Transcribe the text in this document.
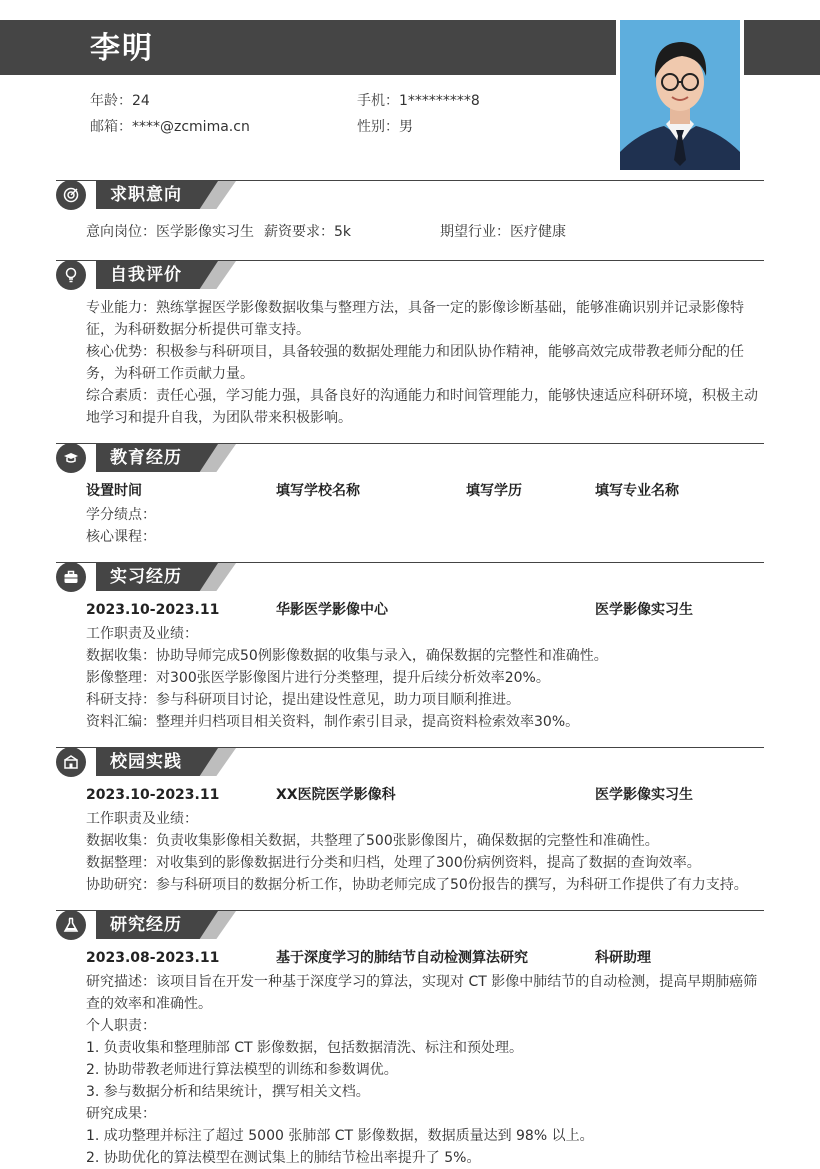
李明
年龄：24	手机：1*********8
邮箱：****@zcmima.cn	性别：男
求职意向
意向岗位：医学影像实习生 薪资要求：5k	期望行业：医疗健康
自我评价
专业能力：熟练掌握医学影像数据收集与整理方法，具备一定的影像诊断基础，能够准确识别并记录影像特征，为科研数据分析提供可靠支持。
核心优势：积极参与科研项目，具备较强的数据处理能力和团队协作精神，能够高效完成带教老师分配的任务，为科研工作贡献力量。
综合素质：责任心强，学习能力强，具备良好的沟通能力和时间管理能力，能够快速适应科研环境，积极主动地学习和提升自我，为团队带来积极影响。
教育经历
设置时间	填写学校名称	填写学历	填写专业名称
学分绩点：
核心课程：
实习经历
2023.10-2023.11	华影医学影像中心	医学影像实习生
工作职责及业绩：
数据收集：协助导师完成50例影像数据的收集与录入，确保数据的完整性和准确性。
影像整理：对300张医学影像图片进行分类整理，提升后续分析效率20%。
科研支持：参与科研项目讨论，提出建设性意见，助力项目顺利推进。
资料汇编：整理并归档项目相关资料，制作索引目录，提高资料检索效率30%。
校园实践
2023.10-2023.11	XX医院医学影像科	医学影像实习生
工作职责及业绩：
数据收集：负责收集影像相关数据，共整理了500张影像图片，确保数据的完整性和准确性。
数据整理：对收集到的影像数据进行分类和归档，处理了300份病例资料，提高了数据的查询效率。
协助研究：参与科研项目的数据分析工作，协助老师完成了50份报告的撰写，为科研工作提供了有力支持。
研究经历
2023.08-2023.11	基于深度学习的肺结节自动检测算法研究	科研助理
研究描述：该项目旨在开发一种基于深度学习的算法，实现对 CT 影像中肺结节的自动检测，提高早期肺癌筛查的效率和准确性。
个人职责：
1. 负责收集和整理肺部 CT 影像数据，包括数据清洗、标注和预处理。
2. 协助带教老师进行算法模型的训练和参数调优。
3. 参与数据分析和结果统计，撰写相关文档。
研究成果：
1. 成功整理并标注了超过 5000 张肺部 CT 影像数据，数据质量达到 98% 以上。
2. 协助优化的算法模型在测试集上的肺结节检出率提升了 5%。
